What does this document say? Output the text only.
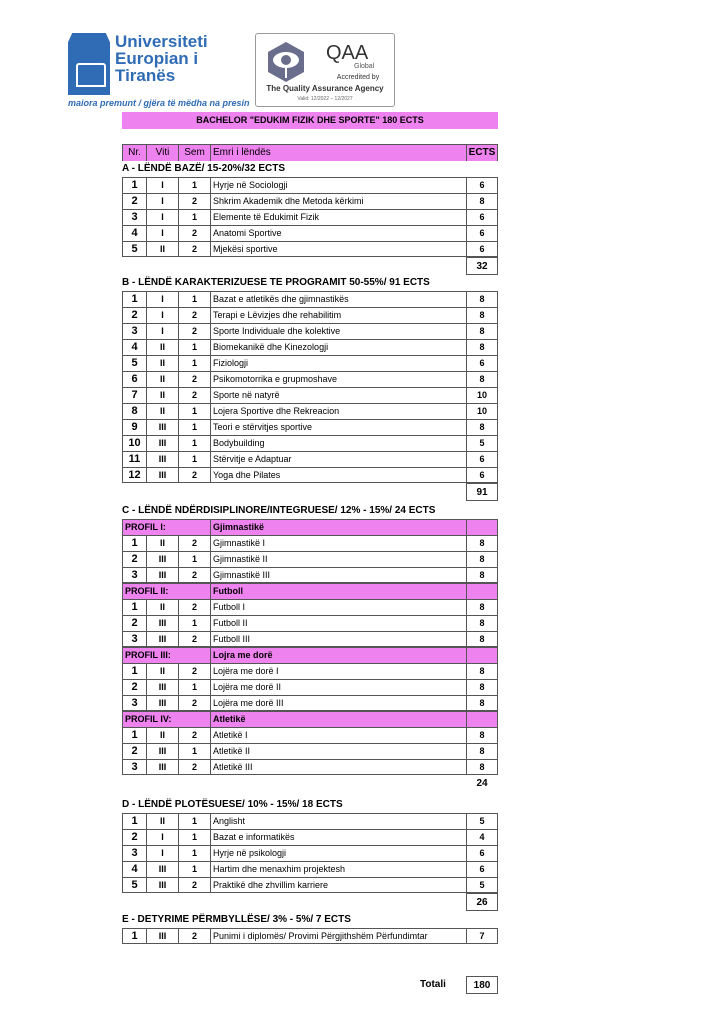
Universiteti
Europian i
Tiranës
maiora premunt / gjëra të mëdha na presin
QAA
Global
Accredited by
The Quality Assurance Agency
Valid: 12/2022 – 12/2027
BACHELOR "EDUKIM FIZIK DHE SPORTE" 180 ECTS
Nr.	Viti	Sem Emri i lëndës	ECTS
A - LËNDË BAZË/ 15-20%/32 ECTS
1	I	1	Hyrje në Sociologji	6
2	I	2	Shkrim Akademik dhe Metoda kërkimi	8
3	I	1	Elemente të Edukimit Fizik	6
4	I	2	Anatomi Sportive	6
5	II	2	Mjekësi sportive	6
32
B - LËNDË KARAKTERIZUESE TE PROGRAMIT 50-55%/ 91 ECTS
1	I	1	Bazat e atletikës dhe gjimnastikës	8
2	I	2	Terapi e Lëvizjes dhe rehabilitim	8
3	I	2	Sporte Individuale dhe kolektive	8
4	II	1	Biomekanikë dhe Kinezologji	8
5	II	1	Fiziologji	6
6	II	2	Psikomotorrika e grupmoshave	8
7	II	2	Sporte në natyrë	10
8	II	1	Lojera Sportive dhe Rekreacion	10
9	III	1	Teori e stërvitjes sportive	8
10	III	1	Bodybuilding	5
11	III	1	Stërvitje e Adaptuar	6
12	III	2	Yoga dhe Pilates	6
91
C - LËNDË NDËRDISIPLINORE/INTEGRUESE/ 12% - 15%/ 24 ECTS
PROFIL I:	Gjimnastikë
1	II	2	Gjimnastikë I	8
2	III	1	Gjimnastikë II	8
3	III	2	Gjimnastikë III	8
PROFIL II:	Futboll
1	II	2	Futboll I	8
2	III	1	Futboll II	8
3	III	2	Futboll III	8
PROFIL III:	Lojra me dorë
1	II	2	Lojëra me dorë I	8
2	III	1	Lojëra me dorë II	8
3	III	2	Lojëra me dorë III	8
PROFIL IV:	Atletikë
1	II	2	Atletikë I	8
2	III	1	Atletikë II	8
3	III	2	Atletikë III	8
24
D - LËNDË PLOTËSUESE/ 10% - 15%/ 18 ECTS
1	II	1	Anglisht	5
2	I	1	Bazat e informatikës	4
3	I	1	Hyrje në psikologji	6
4	III	1	Hartim dhe menaxhim projektesh	6
5	III	2	Praktikë dhe zhvillim karriere	5
26
E - DETYRIME PËRMBYLLËSE/ 3% - 5%/ 7 ECTS
1	III	2	Punimi i diplomës/ Provimi Përgjithshëm Përfundimtar	7
Totali	180
